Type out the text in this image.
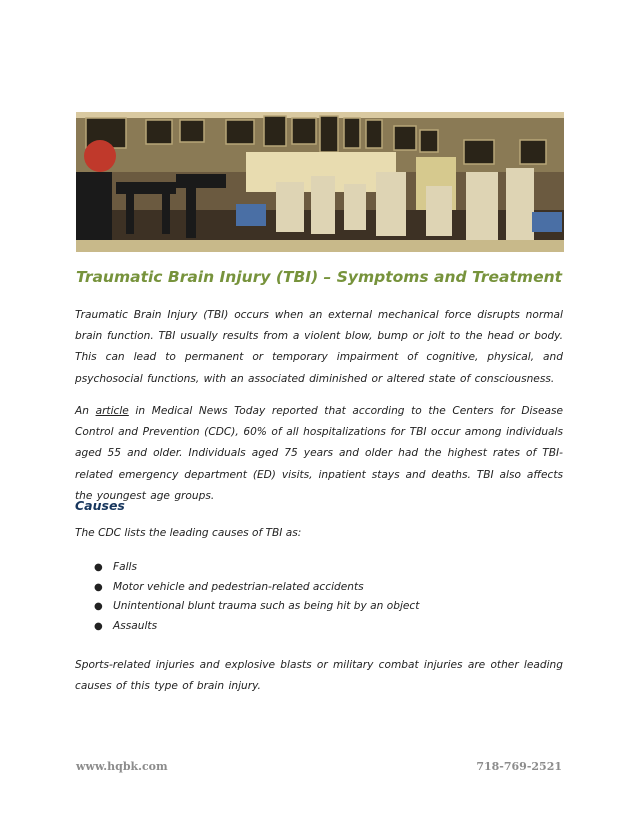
Traumatic Brain Injury (TBI) – Symptoms and Treatment

Traumatic Brain Injury (TBI) occurs when an external mechanical force disrupts normal brain function. TBI usually results from a violent blow, bump or jolt to the head or body. This can lead to permanent or temporary impairment of cognitive, physical, and psychosocial functions, with an associated diminished or altered state of consciousness.

An article in Medical News Today reported that according to the Centers for Disease Control and Prevention (CDC), 60% of all hospitalizations for TBI occur among individuals aged 55 and older. Individuals aged 75 years and older had the highest rates of TBI-related emergency department (ED) visits, inpatient stays and deaths. TBI also affects the youngest age groups.

Causes
The CDC lists the leading causes of TBI as:
● Falls
● Motor vehicle and pedestrian-related accidents
● Unintentional blunt trauma such as being hit by an object
● Assaults

Sports-related injuries and explosive blasts or military combat injuries are other leading causes of this type of brain injury.

www.hqbk.com	718-769-2521
